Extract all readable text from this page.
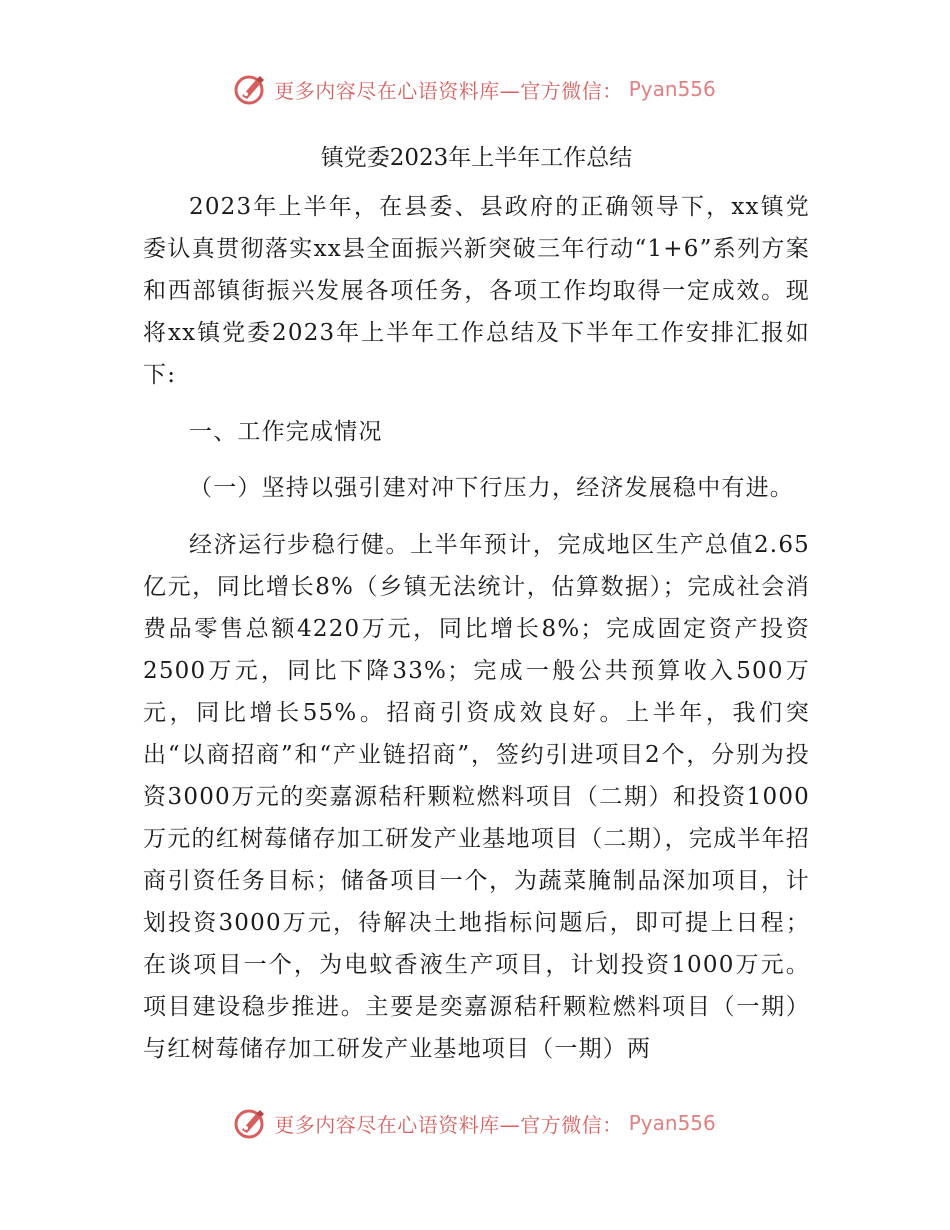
更多内容尽在心语资料库—官方微信： Pyan556

镇党委2023年上半年工作总结

2023年上半年，在县委、县政府的正确领导下，xx镇党委认真贯彻落实xx县全面振兴新突破三年行动“1+6”系列方案和西部镇街振兴发展各项任务，各项工作均取得一定成效。现将xx镇党委2023年上半年工作总结及下半年工作安排汇报如下:

一、工作完成情况

（一）坚持以强引建对冲下行压力，经济发展稳中有进。

经济运行步稳行健。上半年预计，完成地区生产总值2.65亿元，同比增长8%（乡镇无法统计，估算数据）；完成社会消费品零售总额4220万元，同比增长8%；完成固定资产投资2500万元，同比下降33%；完成一般公共预算收入500万元，同比增长55%。招商引资成效良好。上半年，我们突出“以商招商”和“产业链招商”，签约引进项目2个，分别为投资3000万元的奕嘉源秸秆颗粒燃料项目（二期）和投资1000万元的红树莓储存加工研发产业基地项目（二期），完成半年招商引资任务目标；储备项目一个，为蔬菜腌制品深加项目，计划投资3000万元，待解决土地指标问题后，即可提上日程；在谈项目一个，为电蚊香液生产项目，计划投资1000万元。项目建设稳步推进。主要是奕嘉源秸秆颗粒燃料项目（一期）与红树莓储存加工研发产业基地项目（一期）两

更多内容尽在心语资料库—官方微信： Pyan556
